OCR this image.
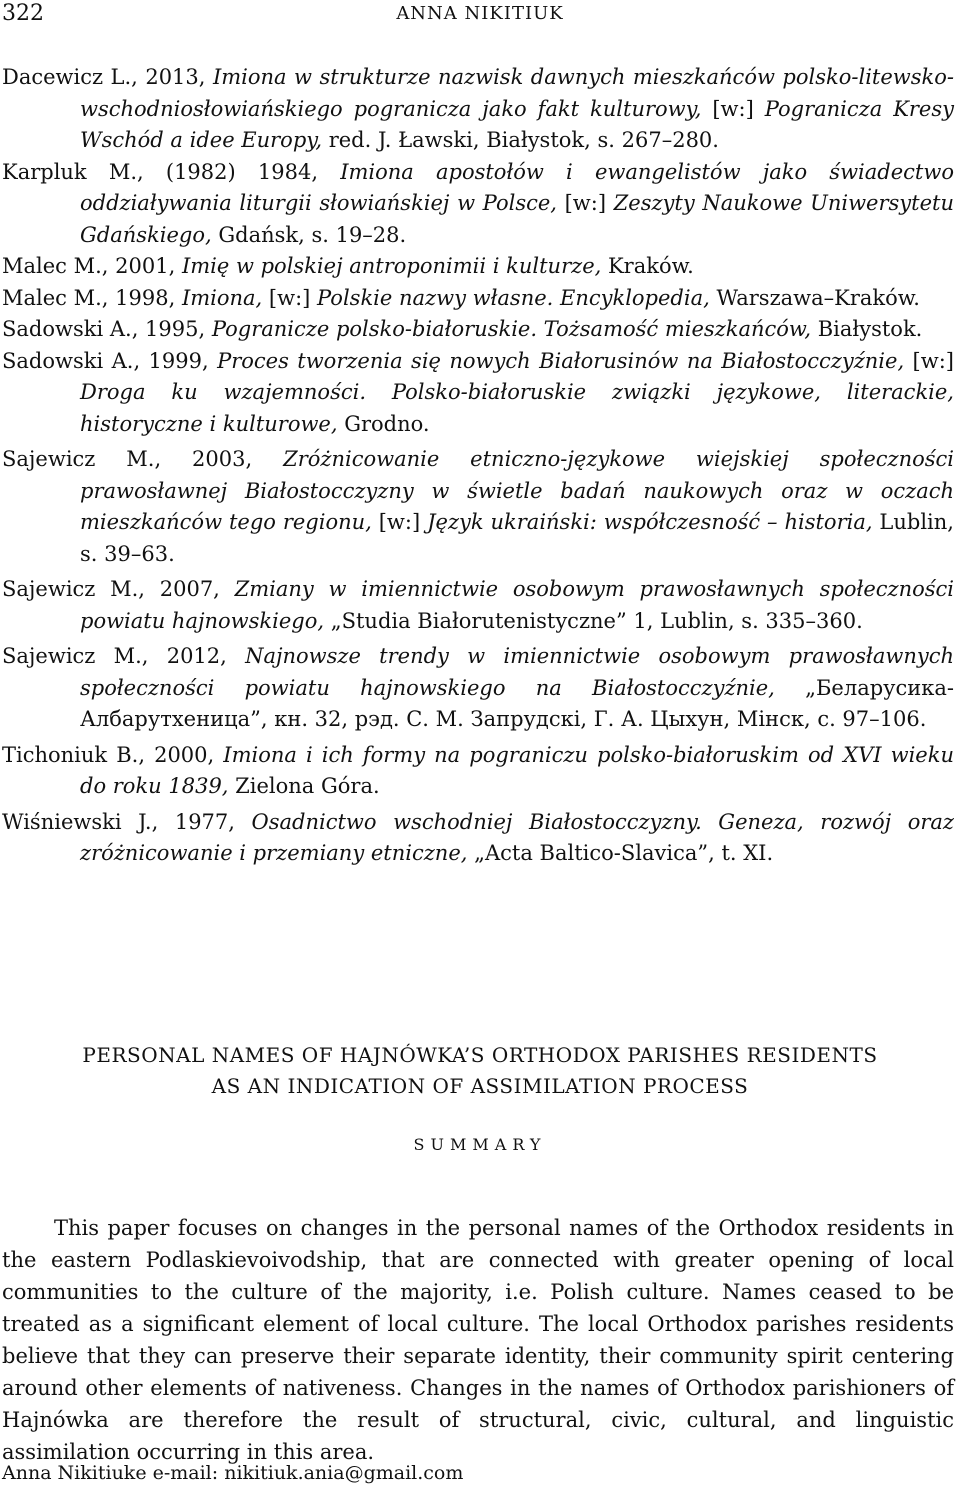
322	ANNA NIKITIUK

Dacewicz L., 2013, Imiona w strukturze nazwisk dawnych mieszkańców polsko-litewsko-wschodniosłowiańskiego pogranicza jako fakt kulturowy, [w:] Pogranicza Kresy Wschód a idee Europy, red. J. Ławski, Białystok, s. 267–280.

Karpluk M., (1982) 1984, Imiona apostołów i ewangelistów jako świadectwo oddziaływania liturgii słowiańskiej w Polsce, [w:] Zeszyty Naukowe Uniwersytetu Gdańskiego, Gdańsk, s. 19–28.

Malec M., 2001, Imię w polskiej antroponimii i kulturze, Kraków.

Malec M., 1998, Imiona, [w:] Polskie nazwy własne. Encyklopedia, Warszawa–Kraków.

Sadowski A., 1995, Pogranicze polsko-białoruskie. Tożsamość mieszkańców, Białystok.

Sadowski A., 1999, Proces tworzenia się nowych Białorusinów na Białostocczyźnie, [w:] Droga ku wzajemności. Polsko-białoruskie związki językowe, literackie, historyczne i kulturowe, Grodno.

Sajewicz M., 2003, Zróżnicowanie etniczno-językowe wiejskiej społeczności prawosławnej Białostocczyzny w świetle badań naukowych oraz w oczach mieszkańców tego regionu, [w:] Język ukraiński: współczesność – historia, Lublin, s. 39–63.

Sajewicz M., 2007, Zmiany w imiennictwie osobowym prawosławnych społeczności powiatu hajnowskiego, „Studia Białorutenistyczne” 1, Lublin, s. 335–360.

Sajewicz M., 2012, Najnowsze trendy w imiennictwie osobowym prawosławnych społeczności powiatu hajnowskiego na Białostocczyźnie, „Беларусика-Албарутхеница”, кн. 32, рэд. С. М. Запрудскі, Г. А. Цыхун, Мінск, с. 97–106.

Tichoniuk B., 2000, Imiona i ich formy na pograniczu polsko-białoruskim od XVI wieku do roku 1839, Zielona Góra.

Wiśniewski J., 1977, Osadnictwo wschodniej Białostocczyzny. Geneza, rozwój oraz zróżnicowanie i przemiany etniczne, „Acta Baltico-Slavica”, t. XI.

PERSONAL NAMES OF HAJNÓWKA’S ORTHODOX PARISHES RESIDENTS
AS AN INDICATION OF ASSIMILATION PROCESS
SUMMARY

This paper focuses on changes in the personal names of the Orthodox residents in the eastern Podlaskievoivodship, that are connected with greater opening of local communities to the culture of the majority, i.e. Polish culture. Names ceased to be treated as a significant element of local culture. The local Orthodox parishes residents believe that they can preserve their separate identity, their community spirit centering around other elements of nativeness. Changes in the names of Orthodox parishioners of Hajnówka are therefore the result of structural, civic, cultural, and linguistic assimilation occurring in this area.

Anna Nikitiuke e-mail: nikitiuk.ania@gmail.com
